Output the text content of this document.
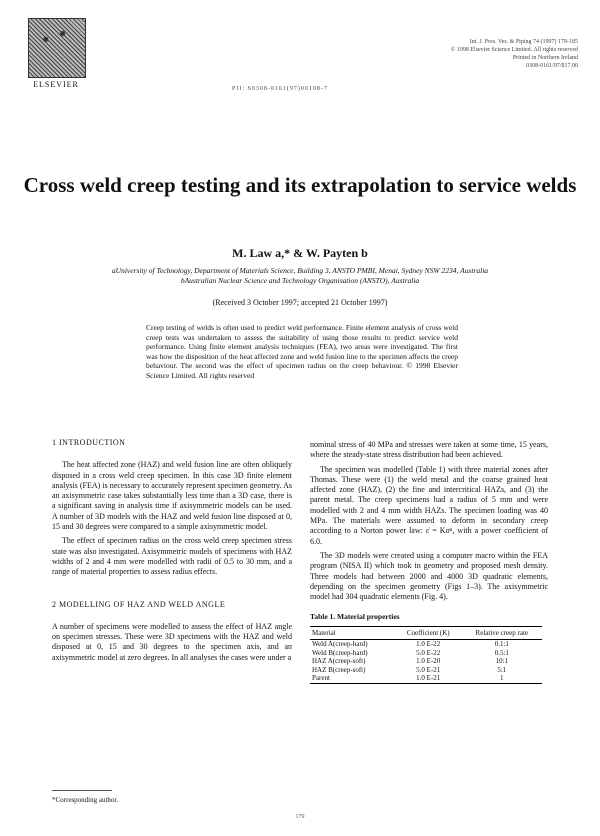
ELSEVIER
Int. J. Pres. Ves. & Piping 74 (1997) 179-185
© 1998 Elsevier Science Limited. All rights reserved
Printed in Northern Ireland
0308-0161/97/$17.00
PII: S0308-0161(97)00108-7
Cross weld creep testing and its extrapolation to service welds
M. Law a,* & W. Payten b
aUniversity of Technology, Department of Materials Science, Building 3, ANSTO PMBI, Menai, Sydney NSW 2234, Australia
bAustralian Nuclear Science and Technology Organisation (ANSTO), Australia
(Received 3 October 1997; accepted 21 October 1997)
Creep testing of welds is often used to predict weld performance. Finite element analysis of cross weld creep tests was undertaken to assess the suitability of using those results to predict service weld performance. Using finite element analysis techniques (FEA), two areas were investigated. The first was how the disposition of the heat affected zone and weld fusion line to the specimen affects the creep behaviour. The second was the effect of specimen radius on the creep behaviour. © 1998 Elsevier Science Limited. All rights reserved
1 INTRODUCTION

The heat affected zone (HAZ) and weld fusion line are often obliquely disposed in a cross weld creep specimen. In this case 3D finite element analysis (FEA) is necessary to accurately represent specimen geometry. As an axisymmetric case takes substantially less time than a 3D case, there is a significant saving in analysis time if axisymmetric models can be used. A number of 3D models with the HAZ and weld fusion line disposed at 0, 15 and 30 degrees were compared to a simple axisymmetric model.

The effect of specimen radius on the cross weld creep specimen stress state was also investigated. Axisymmetric models of specimens with HAZ widths of 2 and 4 mm were modelled with radii of 0.5 to 30 mm, and a range of material properties to assess radius effects.

2 MODELLING OF HAZ AND WELD ANGLE

A number of specimens were modelled to assess the effect of HAZ angle on specimen stresses. These were 3D specimens with the HAZ and weld disposed at 0, 15 and 30 degrees to the specimen axis, and an axisymmetric model at zero degrees. In all analyses the cases were under a

nominal stress of 40 MPa and stresses were taken at some time, 15 years, where the steady-state stress distribution had been achieved.

The specimen was modelled (Table 1) with three material zones after Thomas. These were (1) the weld metal and the coarse grained heat affected zone (HAZ), (2) the fine and intercritical HAZs, and (3) the parent metal. The creep specimens had a radius of 5 mm and were modelled with 2 and 4 mm width HAZs. The specimen loading was 40 MPa. The materials were assumed to deform in secondary creep according to a Norton power law: ε̇ = Kσⁿ, with a power coefficient of 6.0.

The 3D models were created using a computer macro within the FEA program (NISA II) which took in geometry and proposed mesh density. Three models had between 2000 and 4000 3D quadratic elements, depending on the specimen geometry (Figs 1–3). The axisymmetric model had 304 quadratic elements (Fig. 4).

Table 1. Material properties
Material	Coefficient (K)	Relative creep rate
Weld A(creep-hard)	1.0 E-22	0.1:1
Weld B(creep-hard)	5.0 E-22	0.5:1
HAZ A(creep-soft)	1.0 E-20	10:1
HAZ B(creep-soft)	5.0 E-21	5:1
Parent	1.0 E-21	1
*Corresponding author.
179
